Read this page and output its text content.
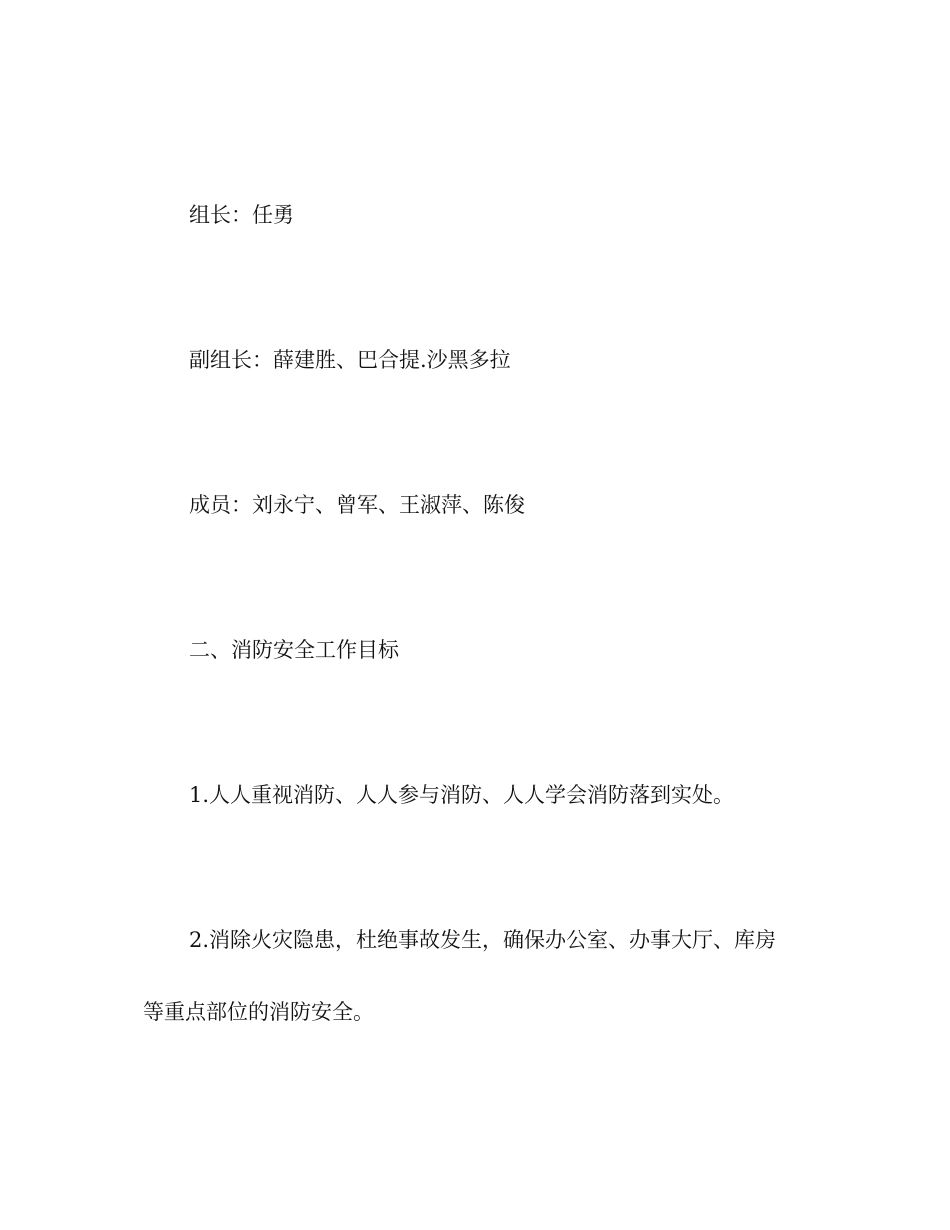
组长：任勇

副组长：薛建胜、巴合提.沙黑多拉

成员：刘永宁、曾军、王淑萍、陈俊

二、消防安全工作目标

1.人人重视消防、人人参与消防、人人学会消防落到实处。

2.消除火灾隐患，杜绝事故发生，确保办公室、办事大厅、库房

等重点部位的消防安全。
